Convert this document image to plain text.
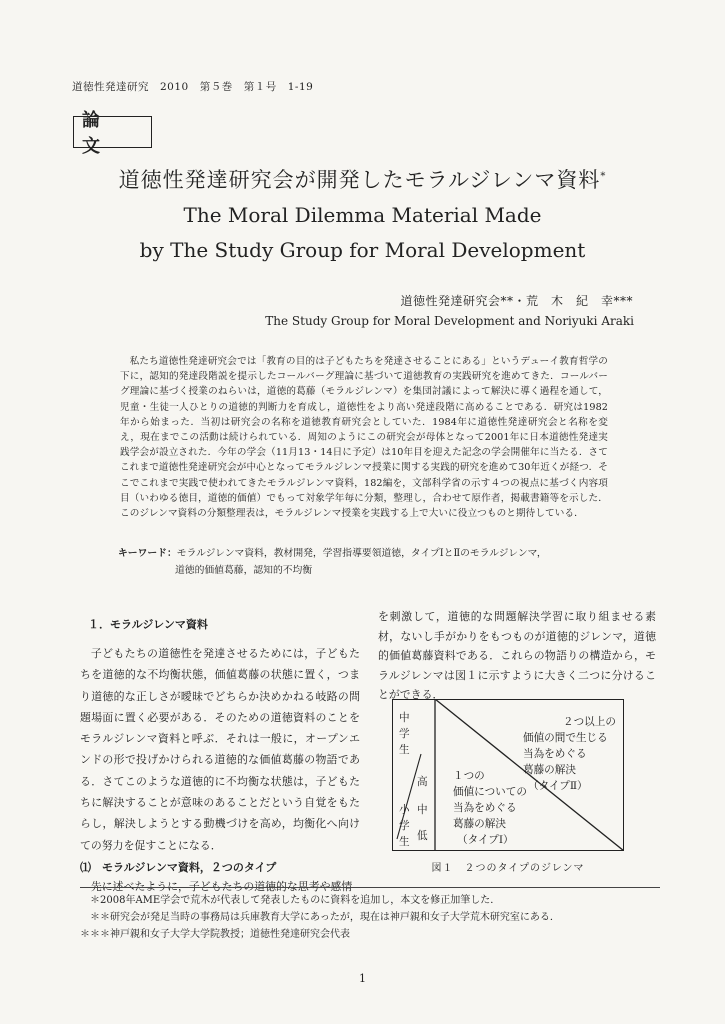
道徳性発達研究　2010　第５巻　第１号　1-19
論　文
道徳性発達研究会が開発したモラルジレンマ資料*
The Moral Dilemma Material Made
by The Study Group for Moral Development
道徳性発達研究会**・荒　木　紀　幸***
The Study Group for Moral Development and Noriyuki Araki
私たち道徳性発達研究会では「教育の目的は子どもたちを発達させることにある」というデューイ教育哲学の下に，認知的発達段階説を提示したコールバーグ理論に基づいて道徳教育の実践研究を進めてきた．コールバーグ理論に基づく授業のねらいは，道徳的葛藤（モラルジレンマ）を集団討議によって解決に導く過程を通して，児童・生徒一人ひとりの道徳的判断力を育成し，道徳性をより高い発達段階に高めることである．研究は1982年から始まった．当初は研究会の名称を道徳教育研究会としていた．1984年に道徳性発達研究会と名称を変え，現在までこの活動は続けられている．周知のようにこの研究会が母体となって2001年に日本道徳性発達実践学会が設立された．今年の学会（11月13・14日に予定）は10年目を迎えた記念の学会開催年に当たる．さてこれまで道徳性発達研究会が中心となってモラルジレンマ授業に関する実践的研究を進めて30年近くが経つ．そこでこれまで実践で使われてきたモラルジレンマ資料，182編を，文部科学省の示す４つの視点に基づく内容項目（いわゆる徳目，道徳的価値）でもって対象学年毎に分類，整理し，合わせて原作者，掲載書籍等を示した．このジレンマ資料の分類整理表は，モラルジレンマ授業を実践する上で大いに役立つものと期待している．
キーワード：モラルジレンマ資料，教材開発，学習指導要領道徳，タイプⅠとⅡのモラルジレンマ，
道徳的価値葛藤，認知的不均衡
１．モラルジレンマ資料

子どもたちの道徳性を発達させるためには，子どもたちを道徳的な不均衡状態，価値葛藤の状態に置く，つまり道徳的な正しさが曖昧でどちらか決めかねる岐路の問題場面に置く必要がある．そのための道徳資料のことをモラルジレンマ資料と呼ぶ．それは一般に，オープンエンドの形で投げかけられる道徳的な価値葛藤の物語である．さてこのような道徳的に不均衡な状態は，子どもたちに解決することが意味のあることだという自覚をもたらし，解決しようとする動機づけを高め，均衡化へ向けての努力を促すことになる．

⑴　モラルジレンマ資料，２つのタイプ

先に述べたように，子どもたちの道徳的な思考や感情

を刺激して，道徳的な問題解決学習に取り組ませる素材，ないし手がかりをもつものが道徳的ジレンマ，道徳的価値葛藤資料である．これらの物語りの構造から，モラルジレンマは図１に示すように大きく二つに分けることができる．
中学生
高
中
小学生 低
２つ以上の
価値の間で生じる
当為をめぐる
葛藤の解決
（タイプⅡ）
１つの
価値についての
当為をめぐる
葛藤の解決
（タイプⅠ）
図１　２つのタイプのジレンマ
　＊2008年AME学会で荒木が代表して発表したものに資料を追加し，本文を修正加筆した．
　＊＊研究会が発足当時の事務局は兵庫教育大学にあったが，現在は神戸親和女子大学荒木研究室にある．
＊＊＊神戸親和女子大学大学院教授；道徳性発達研究会代表
1
